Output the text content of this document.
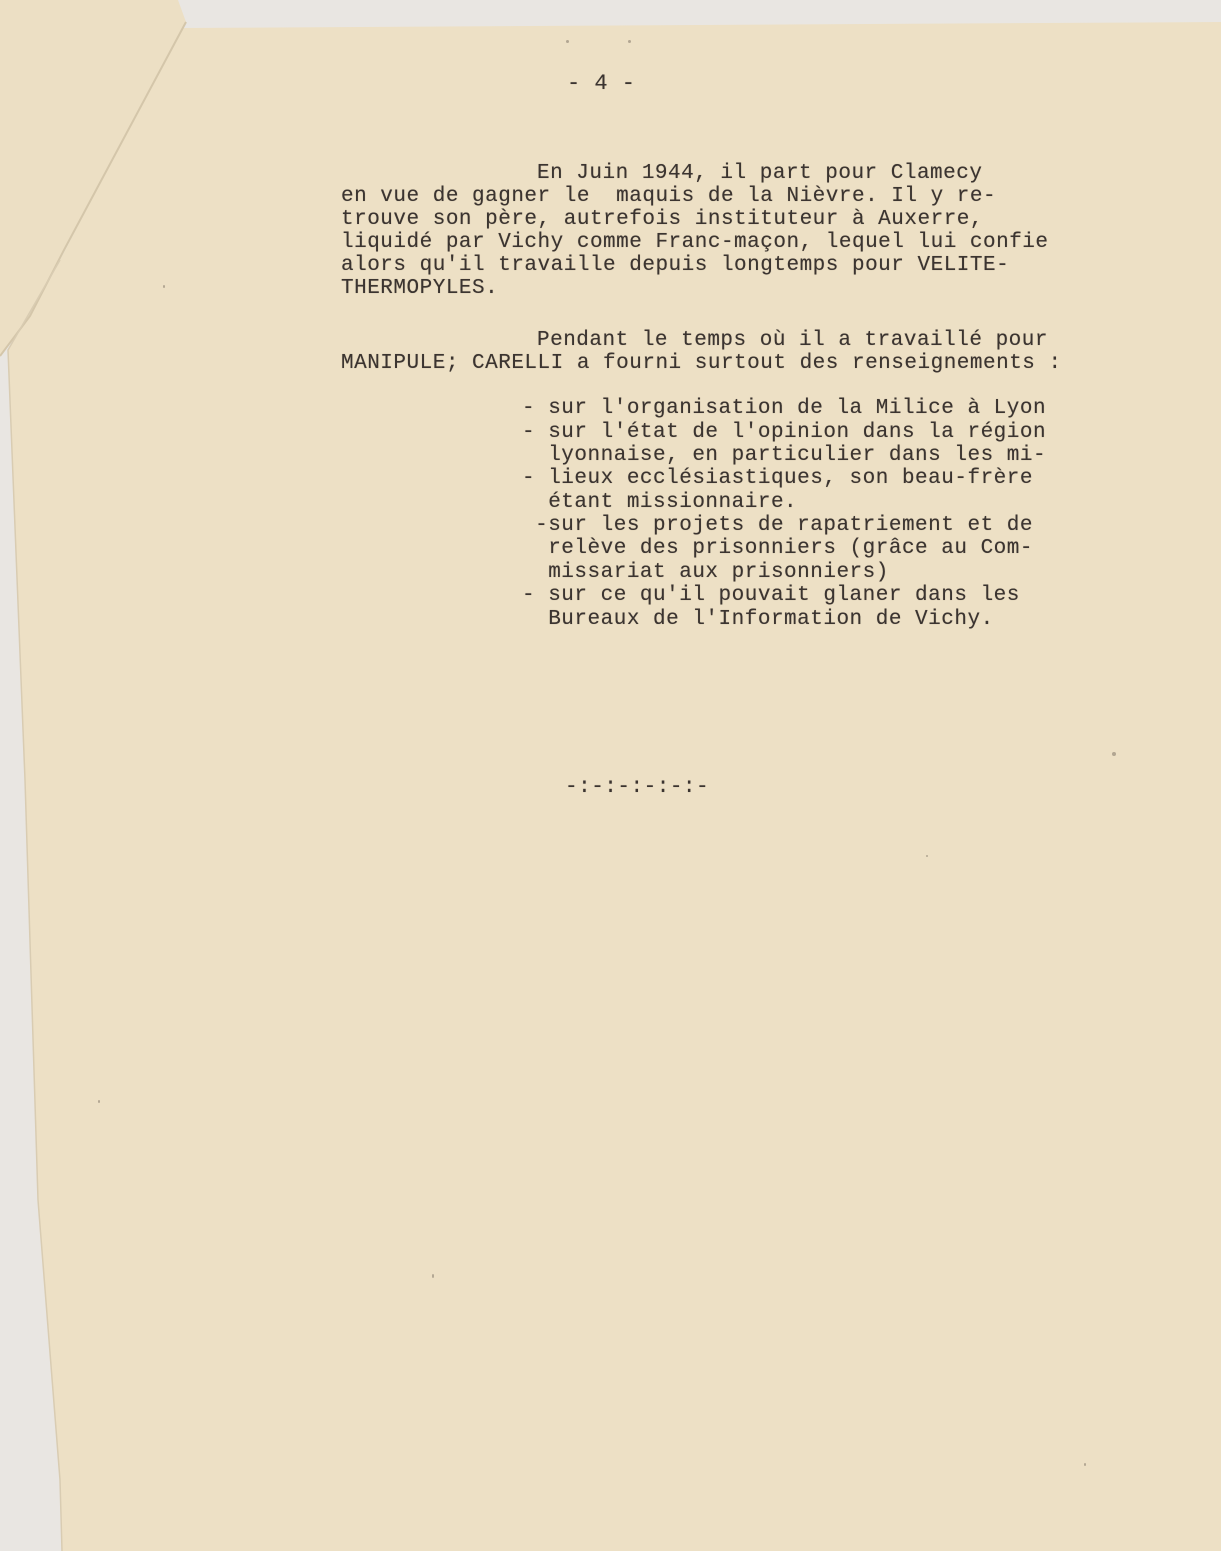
- 4 -
En Juin 1944, il part pour Clamecy
en vue de gagner le  maquis de la Nièvre. Il y re-
trouve son père, autrefois instituteur à Auxerre,
liquidé par Vichy comme Franc-maçon, lequel lui confie
alors qu'il travaille depuis longtemps pour VELITE-
THERMOPYLES.
Pendant le temps où il a travaillé pour
MANIPULE; CARELLI a fourni surtout des renseignements :
- sur l'organisation de la Milice à Lyon
- sur l'état de l'opinion dans la région
lyonnaise, en particulier dans les mi-
- lieux ecclésiastiques, son beau-frère
étant missionnaire.
-sur les projets de rapatriement et de
relève des prisonniers (grâce au Com-
missariat aux prisonniers)
- sur ce qu'il pouvait glaner dans les
Bureaux de l'Information de Vichy.
-:-:-:-:-:-
